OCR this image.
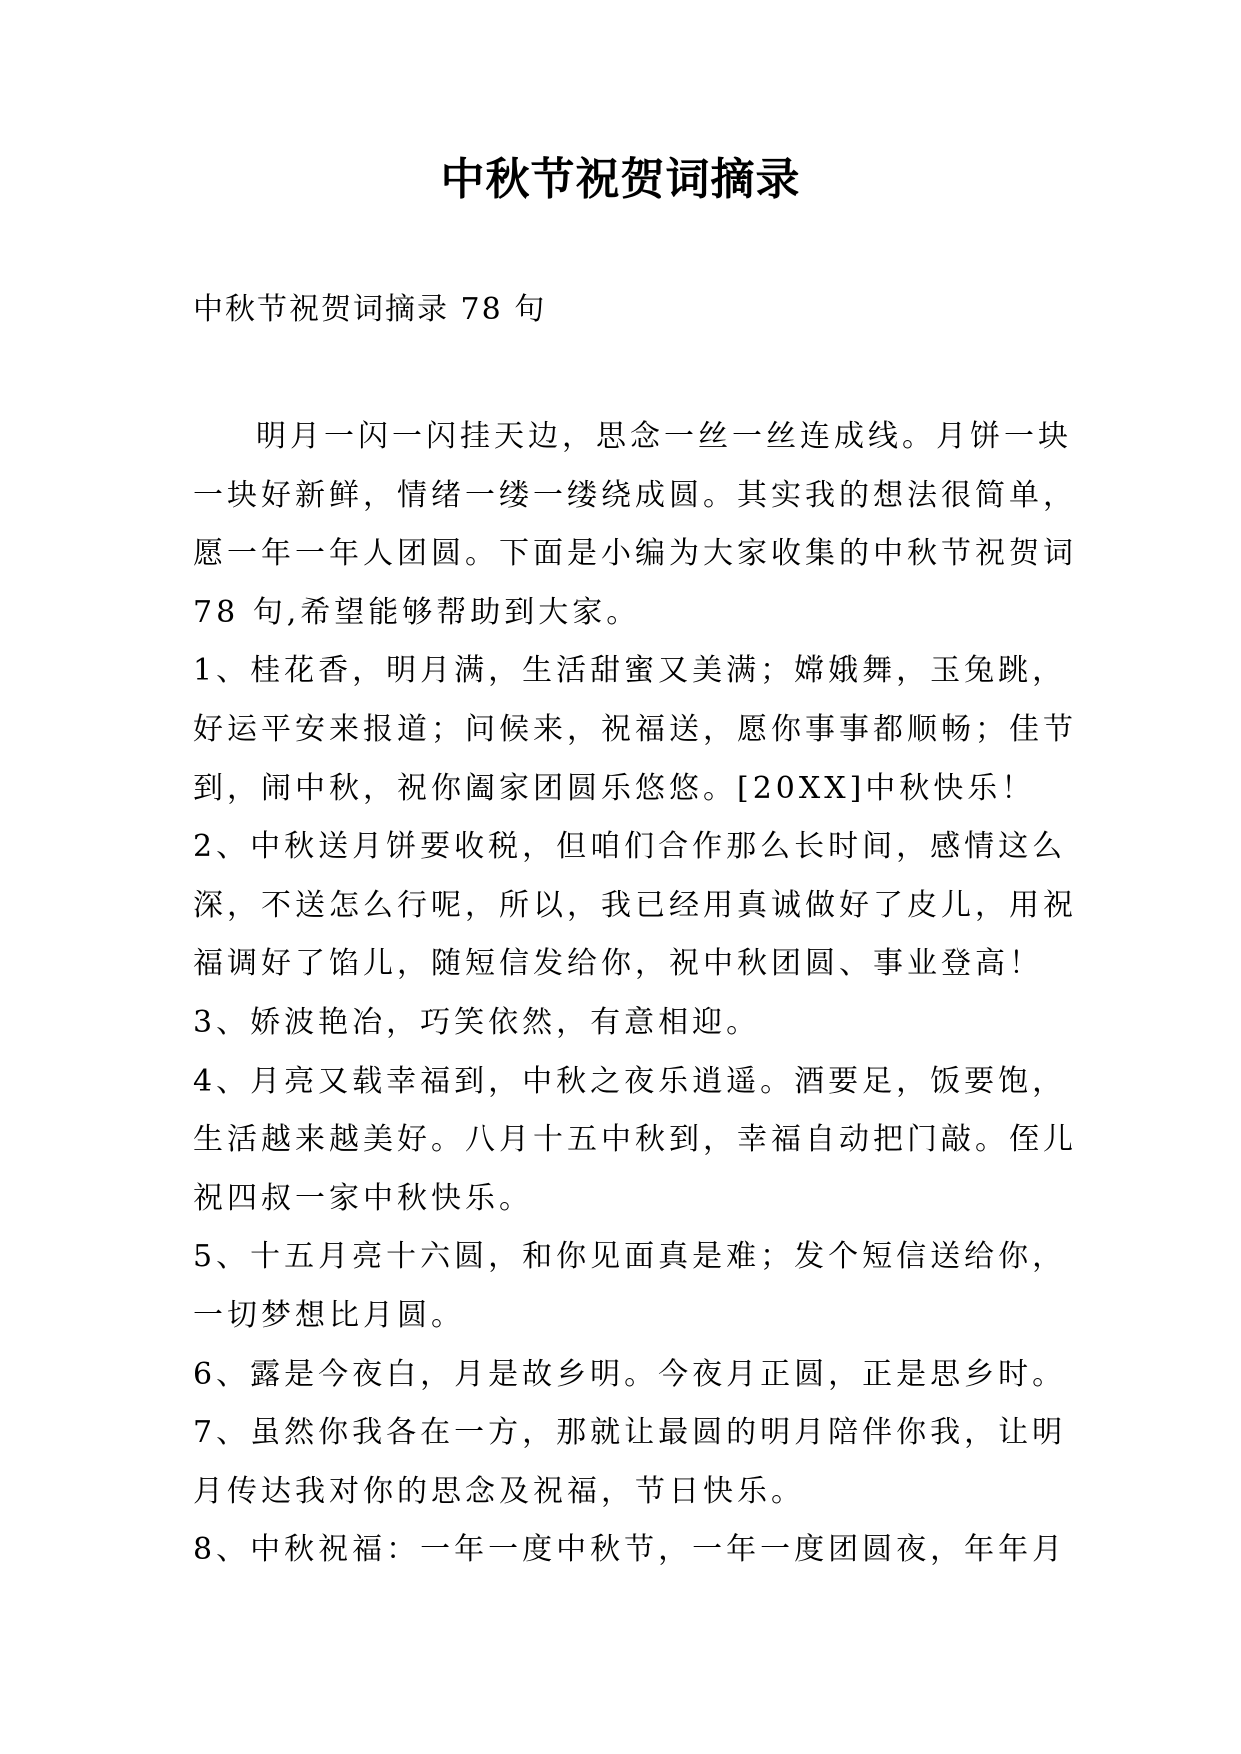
中秋节祝贺词摘录
中秋节祝贺词摘录 78 句
明月一闪一闪挂天边，思念一丝一丝连成线。月饼一块
一块好新鲜，情绪一缕一缕绕成圆。其实我的想法很简单，
愿一年一年人团圆。下面是小编为大家收集的中秋节祝贺词
78 句,希望能够帮助到大家。
1、桂花香，明月满，生活甜蜜又美满；嫦娥舞，玉兔跳，
好运平安来报道；问候来，祝福送，愿你事事都顺畅；佳节
到，闹中秋，祝你阖家团圆乐悠悠。[20XX]中秋快乐！
2、中秋送月饼要收税，但咱们合作那么长时间，感情这么
深，不送怎么行呢，所以，我已经用真诚做好了皮儿，用祝
福调好了馅儿，随短信发给你，祝中秋团圆、事业登高！
3、娇波艳冶，巧笑依然，有意相迎。
4、月亮又载幸福到，中秋之夜乐逍遥。酒要足，饭要饱，
生活越来越美好。八月十五中秋到，幸福自动把门敲。侄儿
祝四叔一家中秋快乐。
5、十五月亮十六圆，和你见面真是难；发个短信送给你，
一切梦想比月圆。
6、露是今夜白，月是故乡明。今夜月正圆，正是思乡时。
7、虽然你我各在一方，那就让最圆的明月陪伴你我，让明
月传达我对你的思念及祝福，节日快乐。
8、中秋祝福：一年一度中秋节，一年一度团圆夜，年年月
